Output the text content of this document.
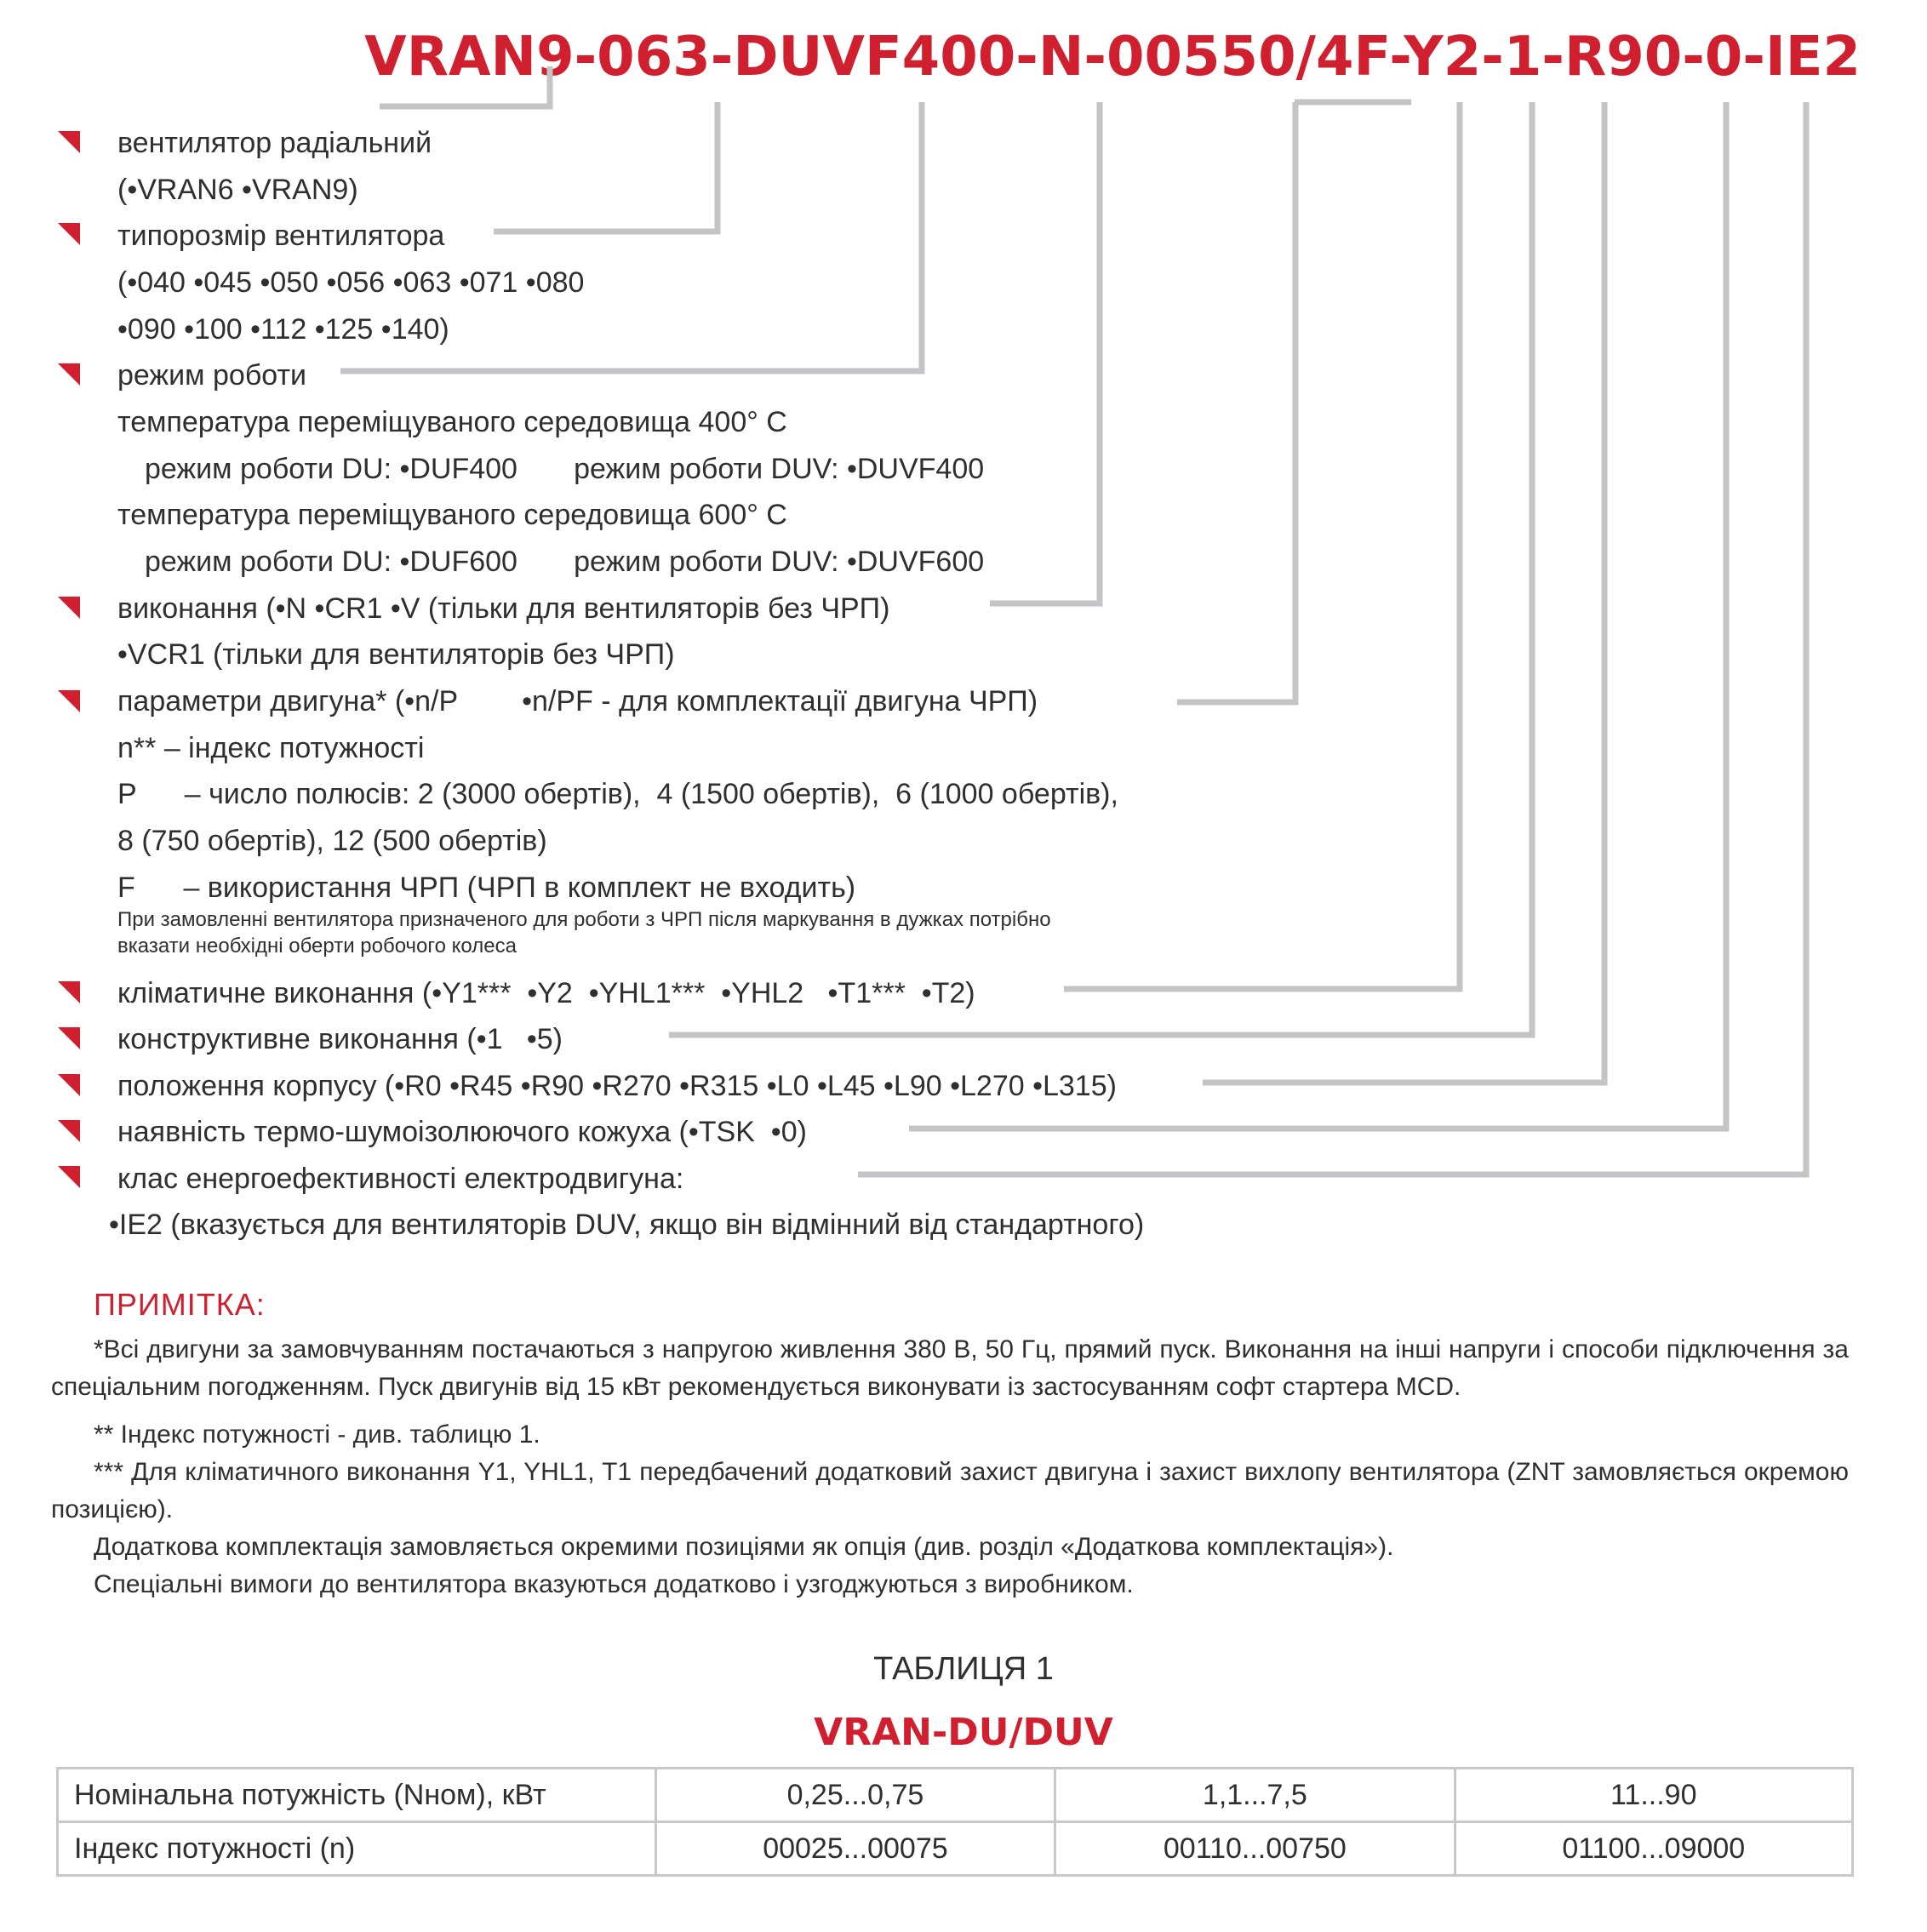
VRAN9-063-DUVF400-N-00550/4F-Y2-1-R90-0-IE2
вентилятор радіальний
(•VRAN6 •VRAN9)
типорозмір вентилятора
(•040 •045 •050 •056 •063 •071 •080
•090 •100 •112 •125 •140)
режим роботи
температура переміщуваного середовища 400° С
режим роботи DU: •DUF400       режим роботи DUV: •DUVF400
температура переміщуваного середовища 600° С
режим роботи DU: •DUF600       режим роботи DUV: •DUVF600
виконання (•N •CR1 •V (тільки для вентиляторів без ЧРП)
•VCR1 (тільки для вентиляторів без ЧРП)
параметри двигуна* (•n/P        •n/PF - для комплектації двигуна ЧРП)
n** – індекс потужності
P      – число полюсів: 2 (3000 обертів),  4 (1500 обертів),  6 (1000 обертів),
8 (750 обертів), 12 (500 обертів)
F      – використання ЧРП (ЧРП в комплект не входить)
При замовленні вентилятора призначеного для роботи з ЧРП після маркування в дужках потрібно
вказати необхідні оберти робочого колеса
кліматичне виконання (•Y1***  •Y2  •YHL1***  •YHL2   •T1***  •T2)
конструктивне виконання (•1   •5)
положення корпусу (•R0 •R45 •R90 •R270 •R315 •L0 •L45 •L90 •L270 •L315)
наявність термо-шумоізолюючого кожуха (•TSK  •0)
клас енергоефективності електродвигуна:
•IE2 (вказується для вентиляторів DUV, якщо він відмінний від стандартного)
ПРИМІТКА:
*Всі двигуни за замовчуванням постачаються з напругою живлення 380 В, 50 Гц, прямий пуск. Виконання на інші напруги і способи підключення за спеціальним погодженням. Пуск двигунів від 15 кВт рекомендується виконувати із застосуванням софт стартера MCD.
** Індекс потужності - див. таблицю 1.
*** Для кліматичного виконання Y1, YHL1, T1 передбачений додатковий захист двигуна і захист вихлопу вентилятора (ZNT замовляється окремою позицією).
Додаткова комплектація замовляється окремими позиціями як опція (див. розділ «Додаткова комплектація»).
Спеціальні вимоги до вентилятора вказуються додатково і узгоджуються з виробником.
ТАБЛИЦЯ 1
VRAN-DU/DUV
Номінальна потужність (Nном), кВт	0,25...0,75	1,1...7,5	11...90
Індекс потужності (n)	00025...00075	00110...00750	01100...09000
